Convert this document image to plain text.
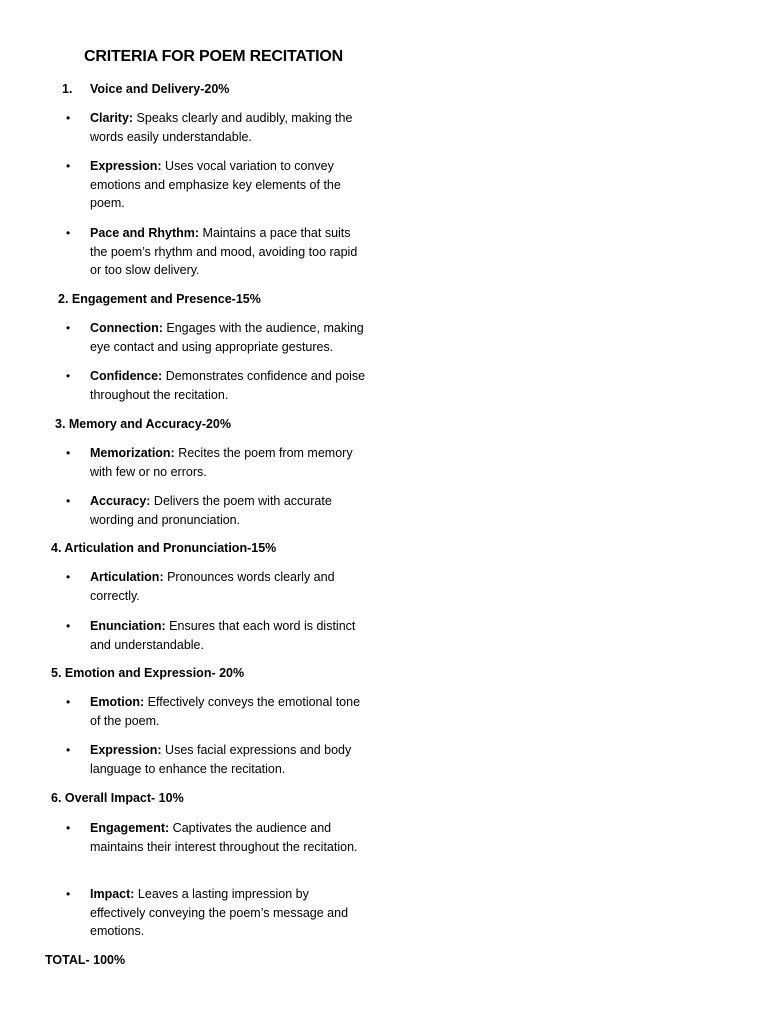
CRITERIA FOR POEM RECITATION
1. Voice and Delivery-20%
•	Clarity: Speaks clearly and audibly, making the words easily understandable.
•	Expression: Uses vocal variation to convey emotions and emphasize key elements of the poem.
•	Pace and Rhythm: Maintains a pace that suits the poem’s rhythm and mood, avoiding too rapid or too slow delivery.
2. Engagement and Presence-15%
•	Connection: Engages with the audience, making eye contact and using appropriate gestures.
•	Confidence: Demonstrates confidence and poise throughout the recitation.
3. Memory and Accuracy-20%
•	Memorization: Recites the poem from memory with few or no errors.
•	Accuracy: Delivers the poem with accurate wording and pronunciation.
4. Articulation and Pronunciation-15%
•	Articulation: Pronounces words clearly and correctly.
•	Enunciation: Ensures that each word is distinct and understandable.
5. Emotion and Expression- 20%
•	Emotion: Effectively conveys the emotional tone of the poem.
•	Expression: Uses facial expressions and body language to enhance the recitation.
6. Overall Impact- 10%
•	Engagement: Captivates the audience and maintains their interest throughout the recitation.
•	Impact: Leaves a lasting impression by effectively conveying the poem’s message and emotions.
TOTAL- 100%
